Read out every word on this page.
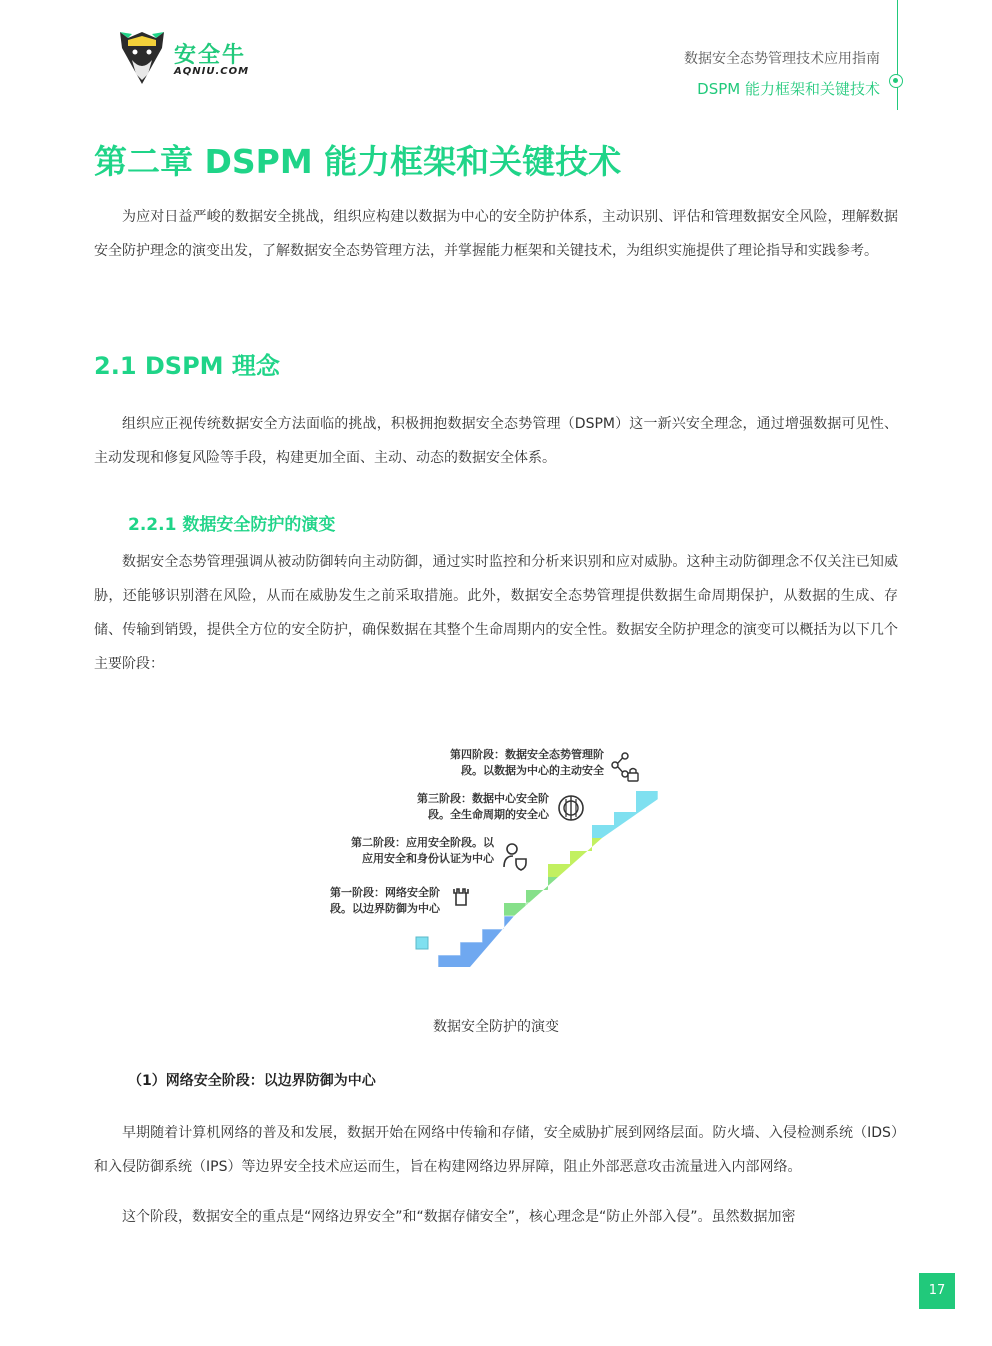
安全牛
AQNIU.COM
数据安全态势管理技术应用指南
DSPM 能力框架和关键技术
第二章 DSPM 能力框架和关键技术

为应对日益严峻的数据安全挑战，组织应构建以数据为中心的安全防护体系，主动识别、评估和管理数据安全风险，理解数据安全防护理念的演变出发，了解数据安全态势管理方法，并掌握能力框架和关键技术，为组织实施提供了理论指导和实践参考。

2.1 DSPM 理念

组织应正视传统数据安全方法面临的挑战，积极拥抱数据安全态势管理（DSPM）这一新兴安全理念，通过增强数据可见性、主动发现和修复风险等手段，构建更加全面、主动、动态的数据安全体系。

2.2.1 数据安全防护的演变

数据安全态势管理强调从被动防御转向主动防御，通过实时监控和分析来识别和应对威胁。这种主动防御理念不仅关注已知威胁，还能够识别潜在风险，从而在威胁发生之前采取措施。此外，数据安全态势管理提供数据生命周期保护，从数据的生成、存储、传输到销毁，提供全方位的安全防护，确保数据在其整个生命周期内的安全性。数据安全防护理念的演变可以概括为以下几个主要阶段：

第一阶段：网络安全阶
段。以边界防御为中心
第二阶段：应用安全阶段。以
应用安全和身份认证为中心
第三阶段：数据中心安全阶
段。全生命周期的安全心
第四阶段：数据安全态势管理阶
段。以数据为中心的主动安全
数据安全防护的演变
（1）网络安全阶段：以边界防御为中心

早期随着计算机网络的普及和发展，数据开始在网络中传输和存储，安全威胁扩展到网络层面。防火墙、入侵检测系统（IDS）和入侵防御系统（IPS）等边界安全技术应运而生，旨在构建网络边界屏障，阻止外部恶意攻击流量进入内部网络。

这个阶段，数据安全的重点是“网络边界安全”和“数据存储安全”，核心理念是“防止外部入侵”。虽然数据加密

17
